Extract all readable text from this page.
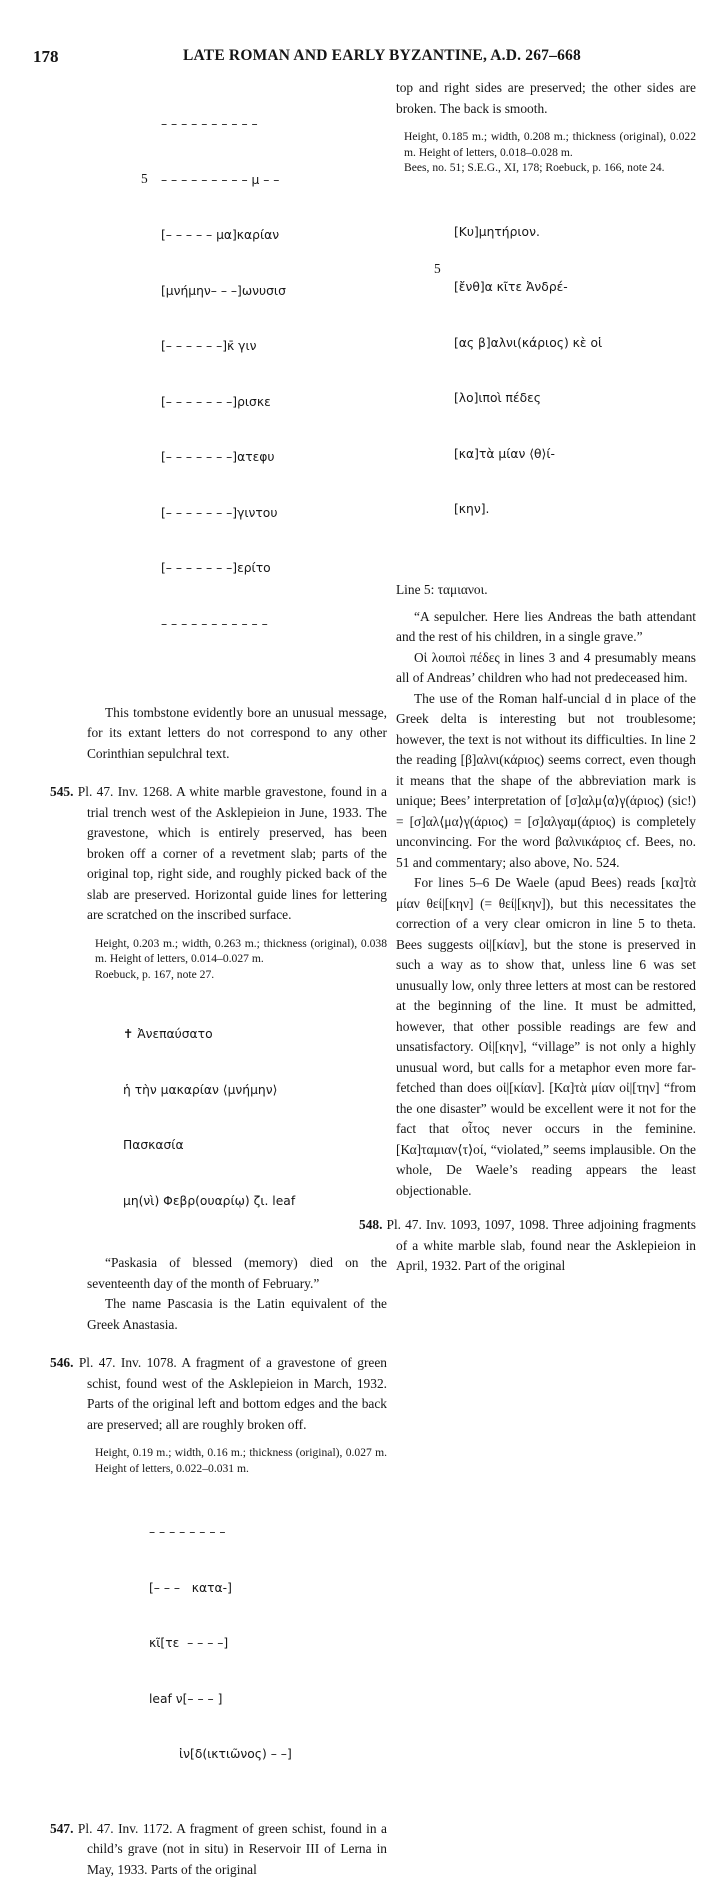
178	LATE ROMAN AND EARLY BYZANTINE, A.D. 267–668

– – – – – – – – – –

– – – – – – – – – μ – –

[– – – – – μα]καρίαν

[μνήμην– – –]ωνυσισ

[– – – – – –]κ̄ γιν

[– – – – – – –]ρισκε

[– – – – – – –]ατεφυ

[– – – – – – –]γιντου

[– – – – – – –]ερίτο

– – – – – – – – – – –

5

This tombstone evidently bore an unusual message, for its extant letters do not correspond to any other Corinthian sepulchral text.

545. Pl. 47. Inv. 1268. A white marble gravestone, found in a trial trench west of the Asklepieion in June, 1933. The gravestone, which is entirely preserved, has been broken off a corner of a revetment slab; parts of the original top, right side, and roughly picked back of the slab are preserved. Horizontal guide lines for lettering are scratched on the inscribed surface.

Height, 0.203 m.; width, 0.263 m.; thickness (original), 0.038 m. Height of letters, 0.014–0.027 m.

Roebuck, p. 167, note 27.

✝ Ἀνεπαύσατο

ἡ τὴν μακαρίαν ⟨μνήμην⟩

Πασκασία

μη(νὶ) Φεβρ(ουαρίῳ) ζι. leaf

“Paskasia of blessed (memory) died on the seventeenth day of the month of February.”

The name Pascasia is the Latin equivalent of the Greek Anastasia.

546. Pl. 47. Inv. 1078. A fragment of a gravestone of green schist, found west of the Asklepieion in March, 1932. Parts of the original left and bottom edges and the back are preserved; all are roughly broken off.

Height, 0.19 m.; width, 0.16 m.; thickness (original), 0.027 m. Height of letters, 0.022–0.031 m.

– – – – – – – –

[– – –   κατα-]

κῖ[τε  – – – –]

leaf ν[– – – ]

ἰν[δ(ικτιῶνος) – –]

547. Pl. 47. Inv. 1172. A fragment of green schist, found in a child’s grave (not in situ) in Reservoir III of Lerna in May, 1933. Parts of the original

top and right sides are preserved; the other sides are broken. The back is smooth.

Height, 0.185 m.; width, 0.208 m.; thickness (original), 0.022 m. Height of letters, 0.018–0.028 m.

Bees, no. 51; S.E.G., XI, 178; Roebuck, p. 166, note 24.

[Κυ]μητήριον.

[ἔνθ]α κῖτε Ἀνδρέ-

[ας β]αλνι(κάριος) κὲ οἱ

[λο]ιποὶ πέδες

[κα]τὰ μίαν ⟨θ⟩ί-

[κην].

5

Line 5: ταμιανοι.

“A sepulcher. Here lies Andreas the bath attendant and the rest of his children, in a single grave.”

Οἱ λοιποὶ πέδες in lines 3 and 4 presumably means all of Andreas’ children who had not predeceased him.

The use of the Roman half-uncial d in place of the Greek delta is interesting but not troublesome; however, the text is not without its difficulties. In line 2 the reading [β]αλνι(κάριος) seems correct, even though it means that the shape of the abbreviation mark is unique; Bees’ interpretation of [σ]αλμ⟨α⟩γ(άριος) (sic!) = [σ]αλ⟨μα⟩γ(άριος) = [σ]αλγαμ(άριος) is completely unconvincing. For the word βαλνικάριος cf. Bees, no. 51 and commentary; also above, No. 524.

For lines 5–6 De Waele (apud Bees) reads [κα]τὰ μίαν θεί|[κην] (= θεί|[κην]), but this necessitates the correction of a very clear omicron in line 5 to theta. Bees suggests οἰ|[κίαν], but the stone is preserved in such a way as to show that, unless line 6 was set unusually low, only three letters at most can be restored at the beginning of the line. It must be admitted, however, that other possible readings are few and unsatisfactory. Οἰ|[κην], “village” is not only a highly unusual word, but calls for a metaphor even more far-fetched than does οἰ|[κίαν]. [Κα]τὰ μίαν οἰ|[την] “from the one disaster” would be excellent were it not for the fact that οἶτος never occurs in the feminine. [Κα]ταμιαν⟨τ⟩οί, “violated,” seems implausible. On the whole, De Waele’s reading appears the least objectionable.

548. Pl. 47. Inv. 1093, 1097, 1098. Three adjoining fragments of a white marble slab, found near the Asklepieion in April, 1932. Part of the original
